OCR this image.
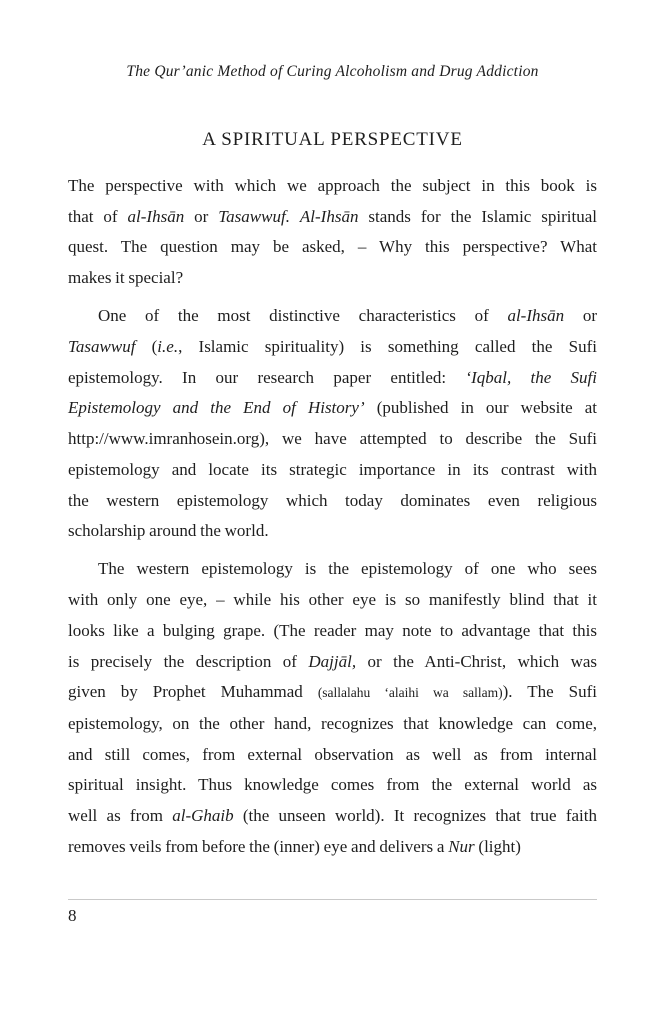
The Qur’anic Method of Curing Alcoholism and Drug Addiction
A SPIRITUAL PERSPECTIVE
The perspective with which we approach the subject in this book is
that of al-Ihsān or Tasawwuf. Al-Ihsān stands for the Islamic spiritual
quest. The question may be asked, – Why this perspective? What
makes it special?
One of the most distinctive characteristics of al-Ihsān or
Tasawwuf (i.e., Islamic spirituality) is something called the Sufi
epistemology. In our research paper entitled: ‘Iqbal, the Sufi
Epistemology and the End of History’ (published in our website at
http://www.imranhosein.org), we have attempted to describe the Sufi
epistemology and locate its strategic importance in its contrast with
the western epistemology which today dominates even religious
scholarship around the world.
The western epistemology is the epistemology of one who sees
with only one eye, – while his other eye is so manifestly blind that it
looks like a bulging grape. (The reader may note to advantage that this
is precisely the description of Dajjāl, or the Anti-Christ, which was
given by Prophet Muhammad (sallalahu ‘alaihi wa sallam)). The Sufi
epistemology, on the other hand, recognizes that knowledge can come,
and still comes, from external observation as well as from internal
spiritual insight. Thus knowledge comes from the external world as
well as from al-Ghaib (the unseen world). It recognizes that true faith
removes veils from before the (inner) eye and delivers a Nur (light)
8
